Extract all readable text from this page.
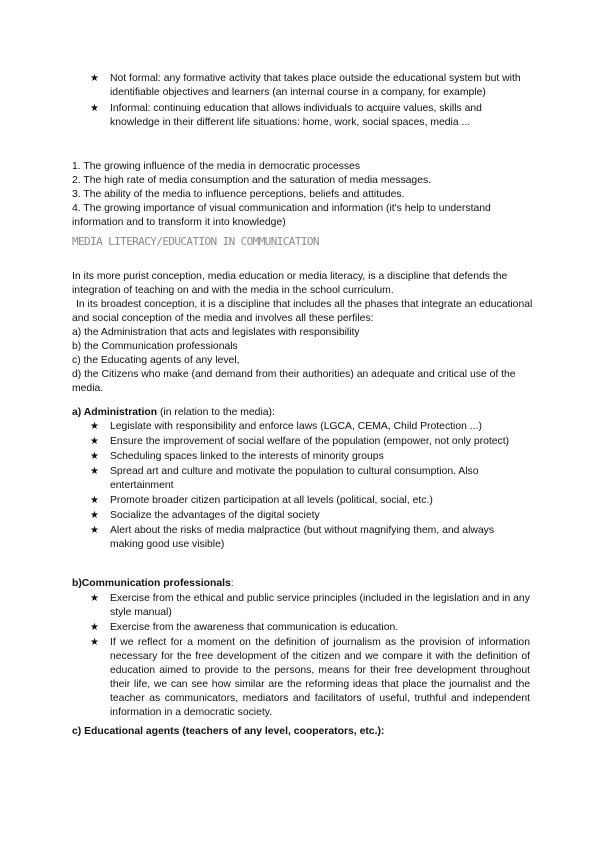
★ Not formal: any formative activity that takes place outside the educational system but with identifiable objectives and learners (an internal course in a company, for example)
★ Informal: continuing education that allows individuals to acquire values, skills and knowledge in their different life situations: home, work, social spaces, media ...
1. The growing influence of the media in democratic processes
2. The high rate of media consumption and the saturation of media messages.
3. The ability of the media to influence perceptions, beliefs and attitudes.
4. The growing importance of visual communication and information (it's help to understand information and to transform it into knowledge)
MEDIA LITERACY/EDUCATION IN COMMUNICATION
In its more purist conception, media education or media literacy, is a discipline that defends the integration of teaching on and with the media in the school curriculum.
In its broadest conception, it is a discipline that includes all the phases that integrate an educational and social conception of the media and involves all these perfiles:
a) the Administration that acts and legislates with responsibility
b) the Communication professionals
c) the Educating agents of any level,
d) the Citizens who make (and demand from their authorities) an adequate and critical use of the media.
a) Administration (in relation to the media):
★ Legislate with responsibility and enforce laws (LGCA, CEMA, Child Protection ...)
★ Ensure the improvement of social welfare of the population (empower, not only protect)
★ Scheduling spaces linked to the interests of minority groups
★ Spread art and culture and motivate the population to cultural consumption. Also entertainment
★ Promote broader citizen participation at all levels (political, social, etc.)
★ Socialize the advantages of the digital society
★ Alert about the risks of media malpractice (but without magnifying them, and always making good use visible)
b)Communication professionals:
★ Exercise from the ethical and public service principles (included in the legislation and in any style manual)
★ Exercise from the awareness that communication is education.
★ If we reflect for a moment on the definition of journalism as the provision of information necessary for the free development of the citizen and we compare it with the definition of education aimed to provide to the persons, means for their free development throughout their life, we can see how similar are the reforming ideas that place the journalist and the teacher as communicators, mediators and facilitators of useful, truthful and independent information in a democratic society.
c) Educational agents (teachers of any level, cooperators, etc.):
